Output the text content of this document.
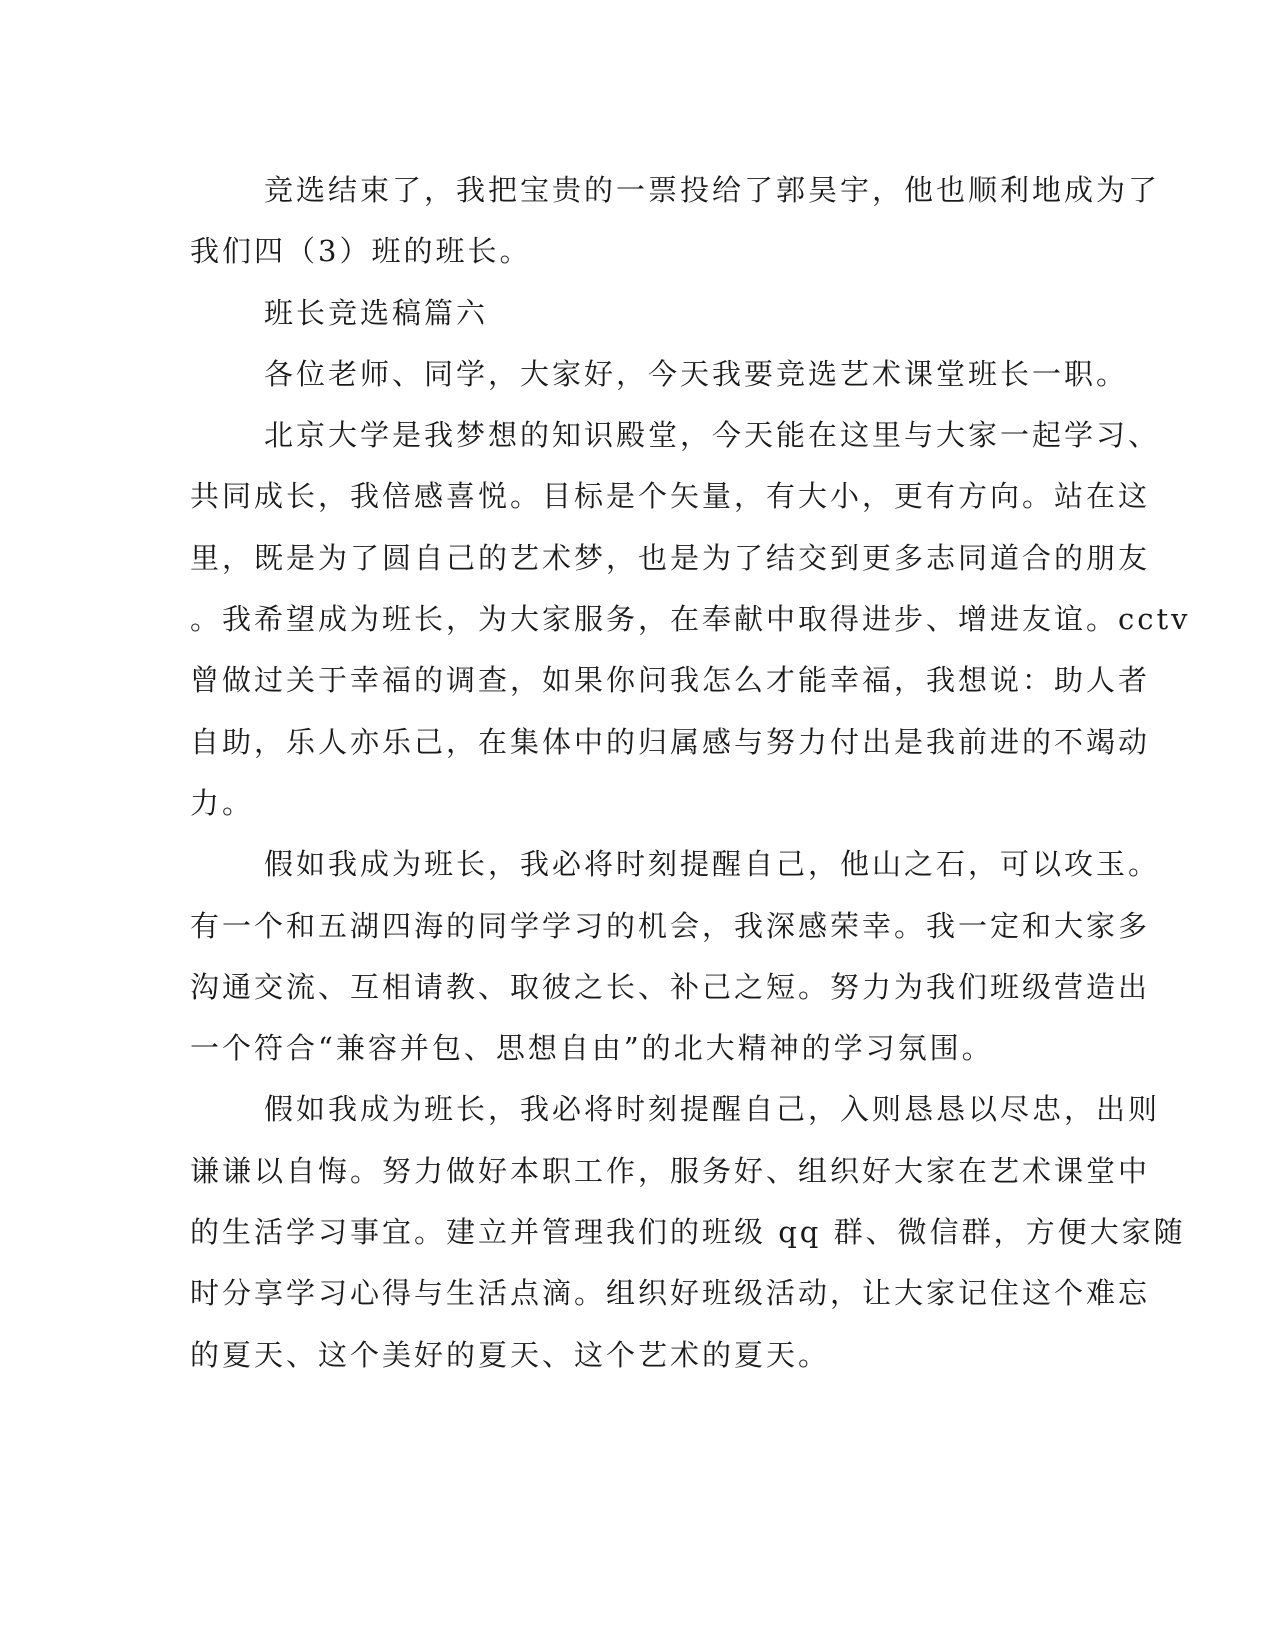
竞选结束了，我把宝贵的一票投给了郭昊宇，他也顺利地成为了
我们四（3）班的班长。
班长竞选稿篇六
各位老师、同学，大家好，今天我要竞选艺术课堂班长一职。
北京大学是我梦想的知识殿堂，今天能在这里与大家一起学习、
共同成长，我倍感喜悦。目标是个矢量，有大小，更有方向。站在这
里，既是为了圆自己的艺术梦，也是为了结交到更多志同道合的朋友
。我希望成为班长，为大家服务，在奉献中取得进步、增进友谊。cctv
曾做过关于幸福的调查，如果你问我怎么才能幸福，我想说：助人者
自助，乐人亦乐己，在集体中的归属感与努力付出是我前进的不竭动
力。
假如我成为班长，我必将时刻提醒自己，他山之石，可以攻玉。
有一个和五湖四海的同学学习的机会，我深感荣幸。我一定和大家多
沟通交流、互相请教、取彼之长、补己之短。努力为我们班级营造出
一个符合“兼容并包、思想自由”的北大精神的学习氛围。
假如我成为班长，我必将时刻提醒自己，入则恳恳以尽忠，出则
谦谦以自悔。努力做好本职工作，服务好、组织好大家在艺术课堂中
的生活学习事宜。建立并管理我们的班级 qq 群、微信群，方便大家随
时分享学习心得与生活点滴。组织好班级活动，让大家记住这个难忘
的夏天、这个美好的夏天、这个艺术的夏天。
